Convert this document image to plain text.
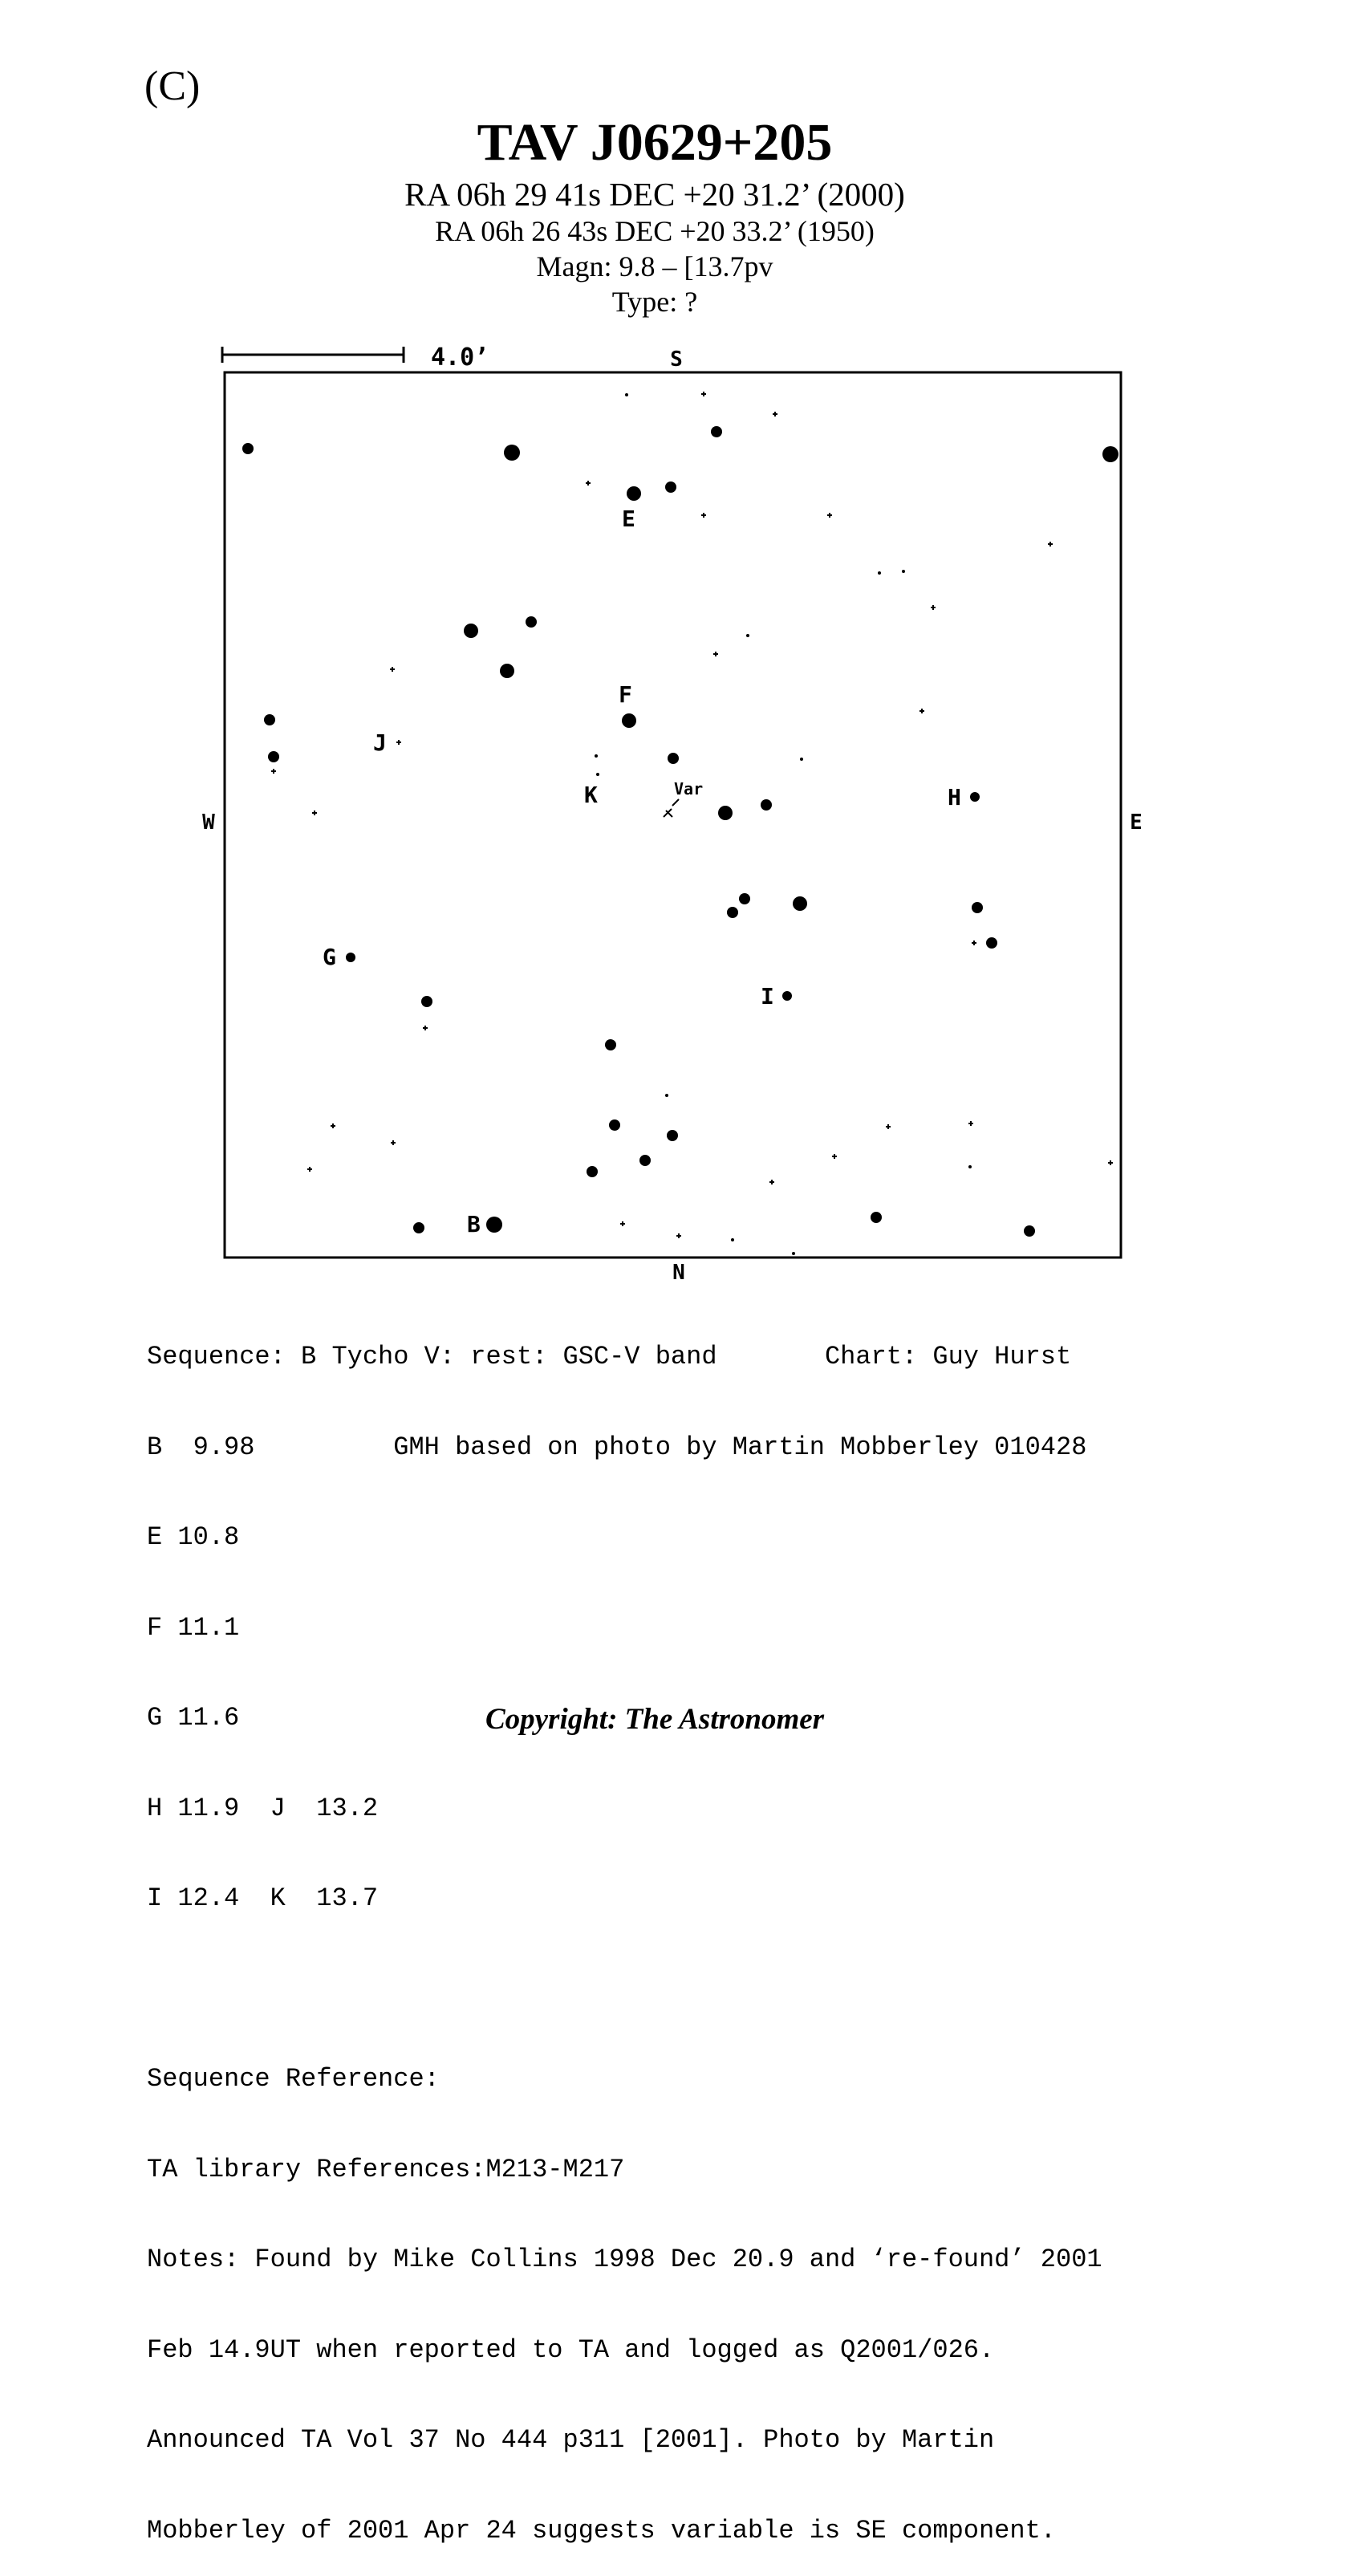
(C)
TAV J0629+205
RA 06h 29 41s DEC +20 31.2’ (2000)
RA 06h 26 43s DEC +20 33.2’ (1950)
Magn: 9.8 – [13.7pv
Type: ?
4.0’	S
N
W	E
Var
E
F
J
K	H
G
I
B

Sequence: B Tycho V: rest: GSC-V band	Chart: Guy Hurst

B  9.98	GMH based on photo by Martin Mobberley 010428

E 10.8

F 11.1

G 11.6

H 11.9  J  13.2

I 12.4  K  13.7

Sequence Reference:

TA library References:M213-M217

Notes: Found by Mike Collins 1998 Dec 20.9 and ‘re-found’ 2001

Feb 14.9UT when reported to TA and logged as Q2001/026.

Announced TA Vol 37 No 444 p311 [2001]. Photo by Martin

Mobberley of 2001 Apr 24 suggests variable is SE component.

Copyright: The Astronomer
